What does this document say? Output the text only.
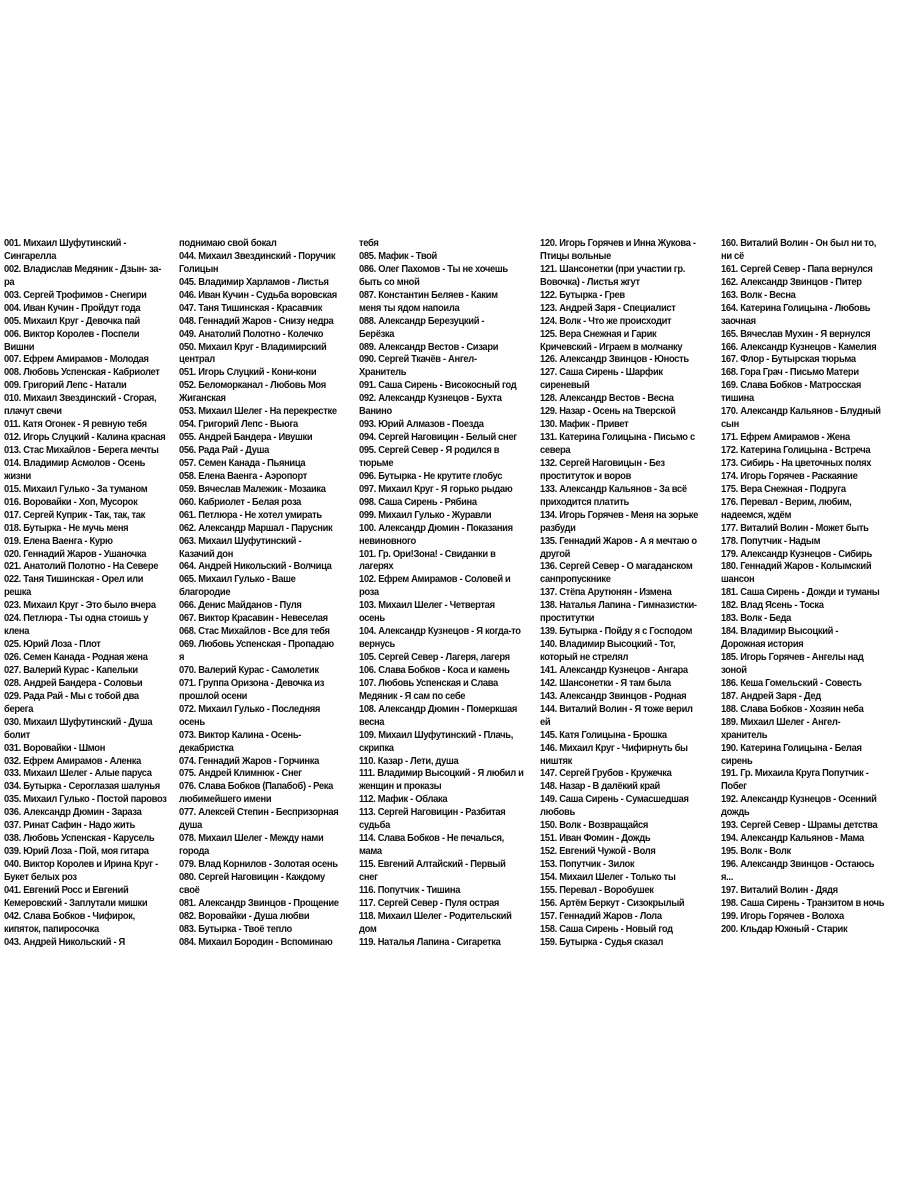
001. Михаил Шуфутинский -
Сингарелла
002. Владислав Медяник - Дзын- за-
ра
003. Сергей Трофимов - Снегири
004. Иван Кучин - Пройдут года
005. Михаил Круг - Девочка пай
006. Виктор Королев - Поспели
Вишни
007. Ефрем Амирамов - Молодая
008. Любовь Успенская - Кабриолет
009. Григорий Лепс - Натали
010. Михаил Звездинский - Сгорая,
плачут свечи
011. Катя Огонек - Я ревную тебя
012. Игорь Слуцкий - Калина красная
013. Стас Михайлов - Берега мечты
014. Владимир Асмолов - Осень
жизни
015. Михаил Гулько - За туманом
016. Воровайки - Хоп, Мусорок
017. Сергей Куприк - Так, так, так
018. Бутырка - Не мучь меня
019. Елена Ваенга - Курю
020. Геннадий Жаров - Ушаночка
021. Анатолий Полотно - На Севере
022. Таня Тишинская - Орел или
решка
023. Михаил Круг - Это было вчера
024. Петлюра - Ты одна стоишь у
клена
025. Юрий Лоза - Плот
026. Семен Канада - Родная жена
027. Валерий Курас - Капельки
028. Андрей Бандера - Соловьи
029. Рада Рай - Мы с тобой два
берега
030. Михаил Шуфутинский - Душа
болит
031. Воровайки - Шмон
032. Ефрем Амирамов - Аленка
033. Михаил Шелег - Алые паруса
034. Бутырка - Сероглазая шалунья
035. Михаил Гулько - Постой паровоз
036. Александр Дюмин - Зараза
037. Ринат Сафин - Надо жить
038. Любовь Успенская - Карусель
039. Юрий Лоза - Пой, моя гитара
040. Виктор Королев и Ирина Круг -
Букет белых роз
041. Евгений Росс и Евгений
Кемеровский - Заплутали мишки
042. Слава Бобков - Чифирок,
кипяток, папиросочка
043. Андрей Никольский - Я
поднимаю свой бокал
044. Михаил Звездинский - Поручик
Голицын
045. Владимир Харламов - Листья
046. Иван Кучин - Судьба воровская
047. Таня Тишинская - Красавчик
048. Геннадий Жаров - Снизу недра
049. Анатолий Полотно - Колечко
050. Михаил Круг - Владимирский
централ
051. Игорь Слуцкий - Кони-кони
052. Беломорканал - Любовь Моя
Жиганская
053. Михаил Шелег - На перекрестке
054. Григорий Лепс - Вьюга
055. Андрей Бандера - Ивушки
056. Рада Рай - Душа
057. Семен Канада - Пьяница
058. Елена Ваенга - Аэропорт
059. Вячеслав Малежик - Мозаика
060. Кабриолет - Белая роза
061. Петлюра - Не хотел умирать
062. Александр Маршал - Парусник
063. Михаил Шуфутинский -
Казачий дон
064. Андрей Никольский - Волчица
065. Михаил Гулько - Ваше
благородие
066. Денис Майданов - Пуля
067. Виктор Красавин - Невеселая
068. Стас Михайлов - Все для тебя
069. Любовь Успенская - Пропадаю
я
070. Валерий Курас - Самолетик
071. Группа Оризона - Девочка из
прошлой осени
072. Михаил Гулько - Последняя
осень
073. Виктор Калина - Осень-
декабристка
074. Геннадий Жаров - Горчинка
075. Андрей Климнюк - Снег
076. Слава Бобков (Папабоб) - Река
любимейшего имени
077. Алексей Степин - Беспризорная
душа
078. Михаил Шелег - Между нами
города
079. Влад Корнилов - Золотая осень
080. Сергей Наговицин - Каждому
своё
081. Александр Звинцов - Прощение
082. Воровайки - Душа любви
083. Бутырка - Твоё тепло
084. Михаил Бородин - Вспоминаю
тебя
085. Мафик - Твой
086. Олег Пахомов - Ты не хочешь
быть со мной
087. Константин Беляев - Каким
меня ты ядом напоила
088. Александр Березуцкий -
Берёзка
089. Александр Вестов - Сизари
090. Сергей Ткачёв - Ангел-
Хранитель
091. Саша Сирень - Високосный год
092. Александр Кузнецов - Бухта
Ванино
093. Юрий Алмазов - Поезда
094. Сергей Наговицин - Белый снег
095. Сергей Север - Я родился в
тюрьме
096. Бутырка - Не крутите глобус
097. Михаил Круг - Я горько рыдаю
098. Саша Сирень - Рябина
099. Михаил Гулько - Журавли
100. Александр Дюмин - Показания
невиновного
101. Гр. Ори!Зона! - Свиданки в
лагерях
102. Ефрем Амирамов - Соловей и
роза
103. Михаил Шелег - Четвертая
осень
104. Александр Кузнецов - Я когда-то
вернусь
105. Сергей Север - Лагеря, лагеря
106. Слава Бобков - Коса и камень
107. Любовь Успенская и Слава
Медяник - Я сам по себе
108. Александр Дюмин - Померкшая
весна
109. Михаил Шуфутинский - Плачь,
скрипка
110. Казар - Лети, душа
111. Владимир Высоцкий - Я любил и
женщин и проказы
112. Мафик - Облака
113. Сергей Наговицин - Разбитая
судьба
114. Слава Бобков - Не печалься,
мама
115. Евгений Алтайский - Первый
снег
116. Попутчик - Тишина
117. Сергей Север - Пуля острая
118. Михаил Шелег - Родительский
дом
119. Наталья Лапина - Сигаретка
120. Игорь Горячев и Инна Жукова -
Птицы вольные
121. Шансонетки (при участии гр.
Вовочка) - Листья жгут
122. Бутырка - Грев
123. Андрей Заря - Специалист
124. Волк - Что же происходит
125. Вера Снежная и Гарик
Кричевский - Играем в молчанку
126. Александр Звинцов - Юность
127. Саша Сирень - Шарфик
сиреневый
128. Александр Вестов - Весна
129. Назар - Осень на Тверской
130. Мафик - Привет
131. Катерина Голицына - Письмо с
севера
132. Сергей Наговицын - Без
проституток и воров
133. Александр Кальянов - За всё
приходится платить
134. Игорь Горячев - Меня на зорьке
разбуди
135. Геннадий Жаров - А я мечтаю о
другой
136. Сергей Север - О магаданском
санпропускнике
137. Стёпа Арутюнян - Измена
138. Наталья Лапина - Гимназистки-
проститутки
139. Бутырка - Пойду я с Господом
140. Владимир Высоцкий - Тот,
который не стрелял
141. Александр Кузнецов - Ангара
142. Шансонетки - Я там была
143. Александр Звинцов - Родная
144. Виталий Волин - Я тоже верил
ей
145. Катя Голицына - Брошка
146. Михаил Круг - Чифирнуть бы
ништяк
147. Сергей Грубов - Кружечка
148. Назар - В далёкий край
149. Саша Сирень - Сумасшедшая
любовь
150. Волк - Возвращайся
151. Иван Фомин - Дождь
152. Евгений Чужой - Воля
153. Попутчик - Зилок
154. Михаил Шелег - Только ты
155. Перевал - Воробушек
156. Артём Беркут - Сизокрылый
157. Геннадий Жаров - Лола
158. Саша Сирень - Новый год
159. Бутырка - Судья сказал
160. Виталий Волин - Он был ни то,
ни сё
161. Сергей Север - Папа вернулся
162. Александр Звинцов - Питер
163. Волк - Весна
164. Катерина Голицына - Любовь
заочная
165. Вячеслав Мухин - Я вернулся
166. Александр Кузнецов - Камелия
167. Флор - Бутырская тюрьма
168. Гора Грач - Письмо Матери
169. Слава Бобков - Матросская
тишина
170. Александр Кальянов - Блудный
сын
171. Ефрем Амирамов - Жена
172. Катерина Голицына - Встреча
173. Сибирь - На цветочных полях
174. Игорь Горячев - Раскаяние
175. Вера Снежная - Подруга
176. Перевал - Верим, любим,
надеемся, ждём
177. Виталий Волин - Может быть
178. Попутчик - Надым
179. Александр Кузнецов - Сибирь
180. Геннадий Жаров - Колымский
шансон
181. Саша Сирень - Дожди и туманы
182. Влад Ясень - Тоска
183. Волк - Беда
184. Владимир Высоцкий -
Дорожная история
185. Игорь Горячев - Ангелы над
зоной
186. Кеша Гомельский - Совесть
187. Андрей Заря - Дед
188. Слава Бобков - Хозяин неба
189. Михаил Шелег - Ангел-
хранитель
190. Катерина Голицына - Белая
сирень
191. Гр. Михаила Круга Попутчик -
Побег
192. Александр Кузнецов - Осенний
дождь
193. Сергей Север - Шрамы детства
194. Александр Кальянов - Мама
195. Волк - Волк
196. Александр Звинцов - Остаюсь
я...
197. Виталий Волин - Дядя
198. Саша Сирень - Транзитом в ночь
199. Игорь Горячев - Волоха
200. Кльдар Южный - Старик
